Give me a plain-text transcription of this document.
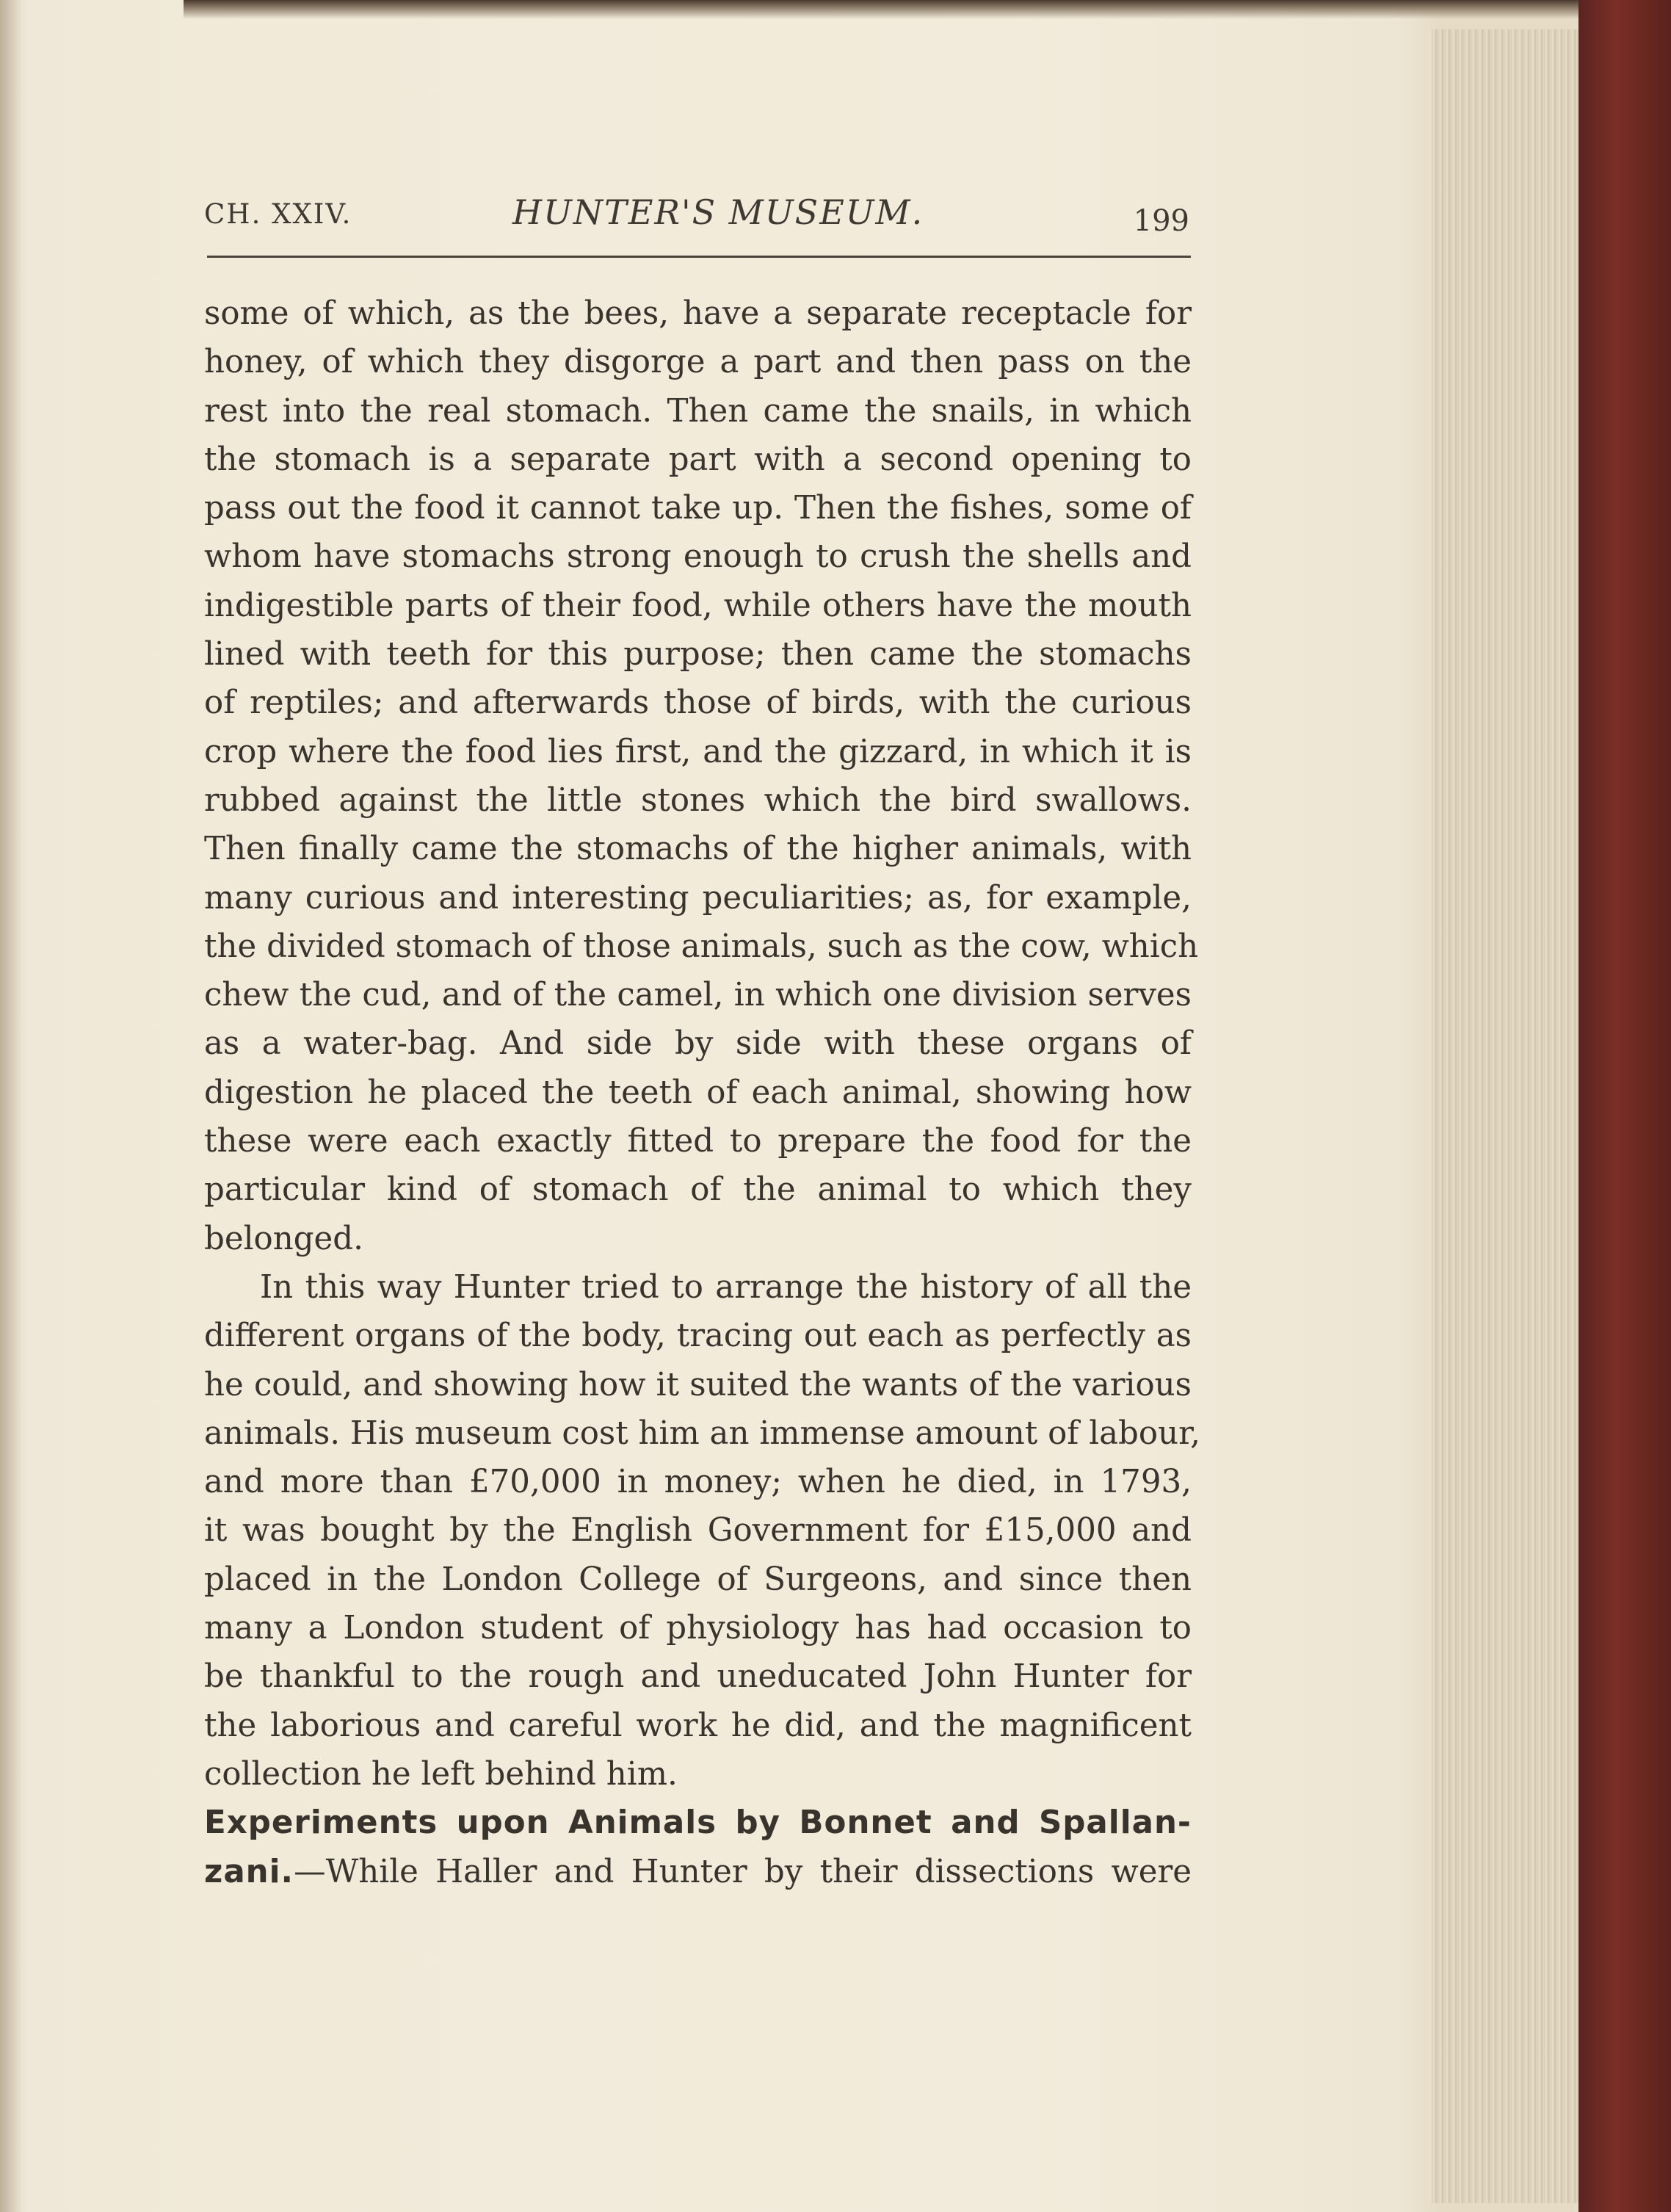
CH. XXIV.	HUNTER'S MUSEUM.	199
some of which, as the bees, have a separate receptacle for
honey, of which they disgorge a part and then pass on the
rest into the real stomach. Then came the snails, in which
the stomach is a separate part with a second opening to
pass out the food it cannot take up. Then the fishes, some of
whom have stomachs strong enough to crush the shells and
indigestible parts of their food, while others have the mouth
lined with teeth for this purpose; then came the stomachs
of reptiles; and afterwards those of birds, with the curious
crop where the food lies first, and the gizzard, in which it is
rubbed against the little stones which the bird swallows.
Then finally came the stomachs of the higher animals, with
many curious and interesting peculiarities; as, for example,
the divided stomach of those animals, such as the cow, which
chew the cud, and of the camel, in which one division serves
as a water-bag. And side by side with these organs of
digestion he placed the teeth of each animal, showing how
these were each exactly fitted to prepare the food for the
particular kind of stomach of the animal to which they
belonged.
In this way Hunter tried to arrange the history of all the
different organs of the body, tracing out each as perfectly as
he could, and showing how it suited the wants of the various
animals. His museum cost him an immense amount of labour,
and more than £70,000 in money; when he died, in 1793,
it was bought by the English Government for £15,000 and
placed in the London College of Surgeons, and since then
many a London student of physiology has had occasion to
be thankful to the rough and uneducated John Hunter for
the laborious and careful work he did, and the magnificent
collection he left behind him.
Experiments upon Animals by Bonnet and Spallan-
zani.—While Haller and Hunter by their dissections were
